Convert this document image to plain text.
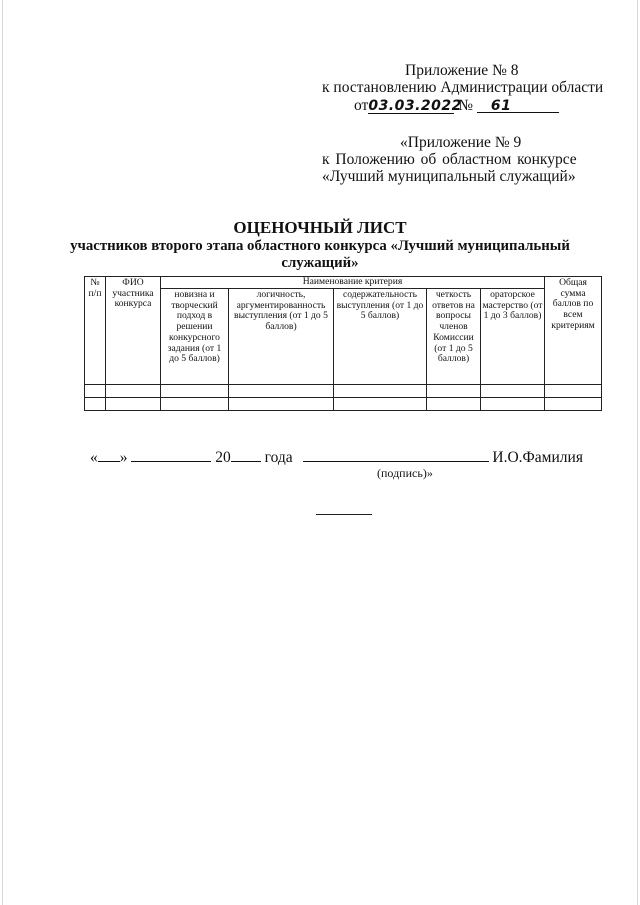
Приложение № 8
к постановлению Администрации области
от03.03.2022 № 61
«Приложение № 9
к Положению об областном конкурсе
«Лучший муниципальный служащий»
ОЦЕНОЧНЫЙ ЛИСТ
участников второго этапа областного конкурса «Лучший муниципальный
служащий»
№ п/п	ФИО участника конкурса	Наименование критерия					Общая сумма баллов по всем критериям
		новизна и творческий подход в решении конкурсного задания (от 1 до 5 баллов)	логичность, аргументированность выступления (от 1 до 5 баллов)	содержательность выступления (от 1 до 5 баллов)	четкость ответов на вопросы членов Комиссии (от 1 до 5 баллов)	ораторское мастерство (от 1 до 3 баллов)	

« »	20 года	И.О.Фамилия
(подпись)»
